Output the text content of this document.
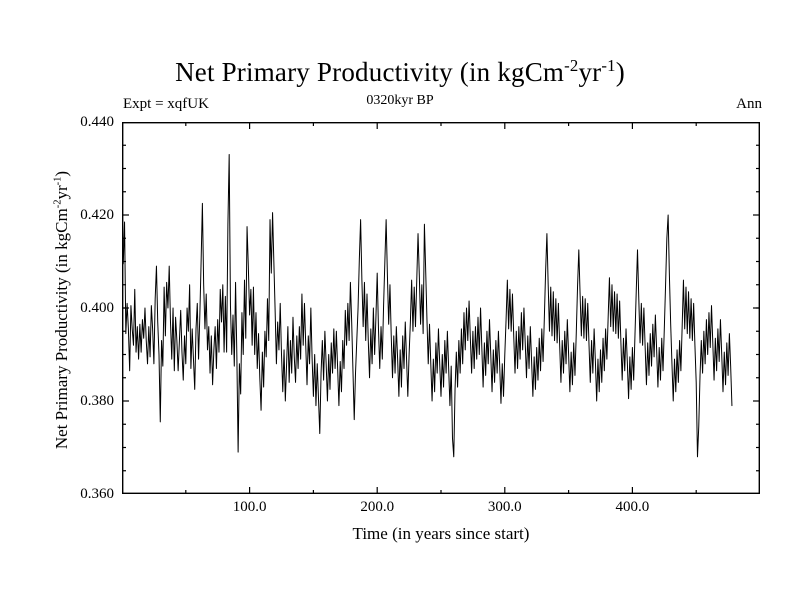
Net Primary Productivity (in $kgCm^{-2}yr^{-1}$)
Expt = xqfUK	0320kyr BP	Ann
0.360
0.380
0.400
0.420
0.440
100.0	200.0	300.0	400.0
Time (in years since start)
Net Primary Productivity (in $kgCm^{-2}yr^{-1}$)
